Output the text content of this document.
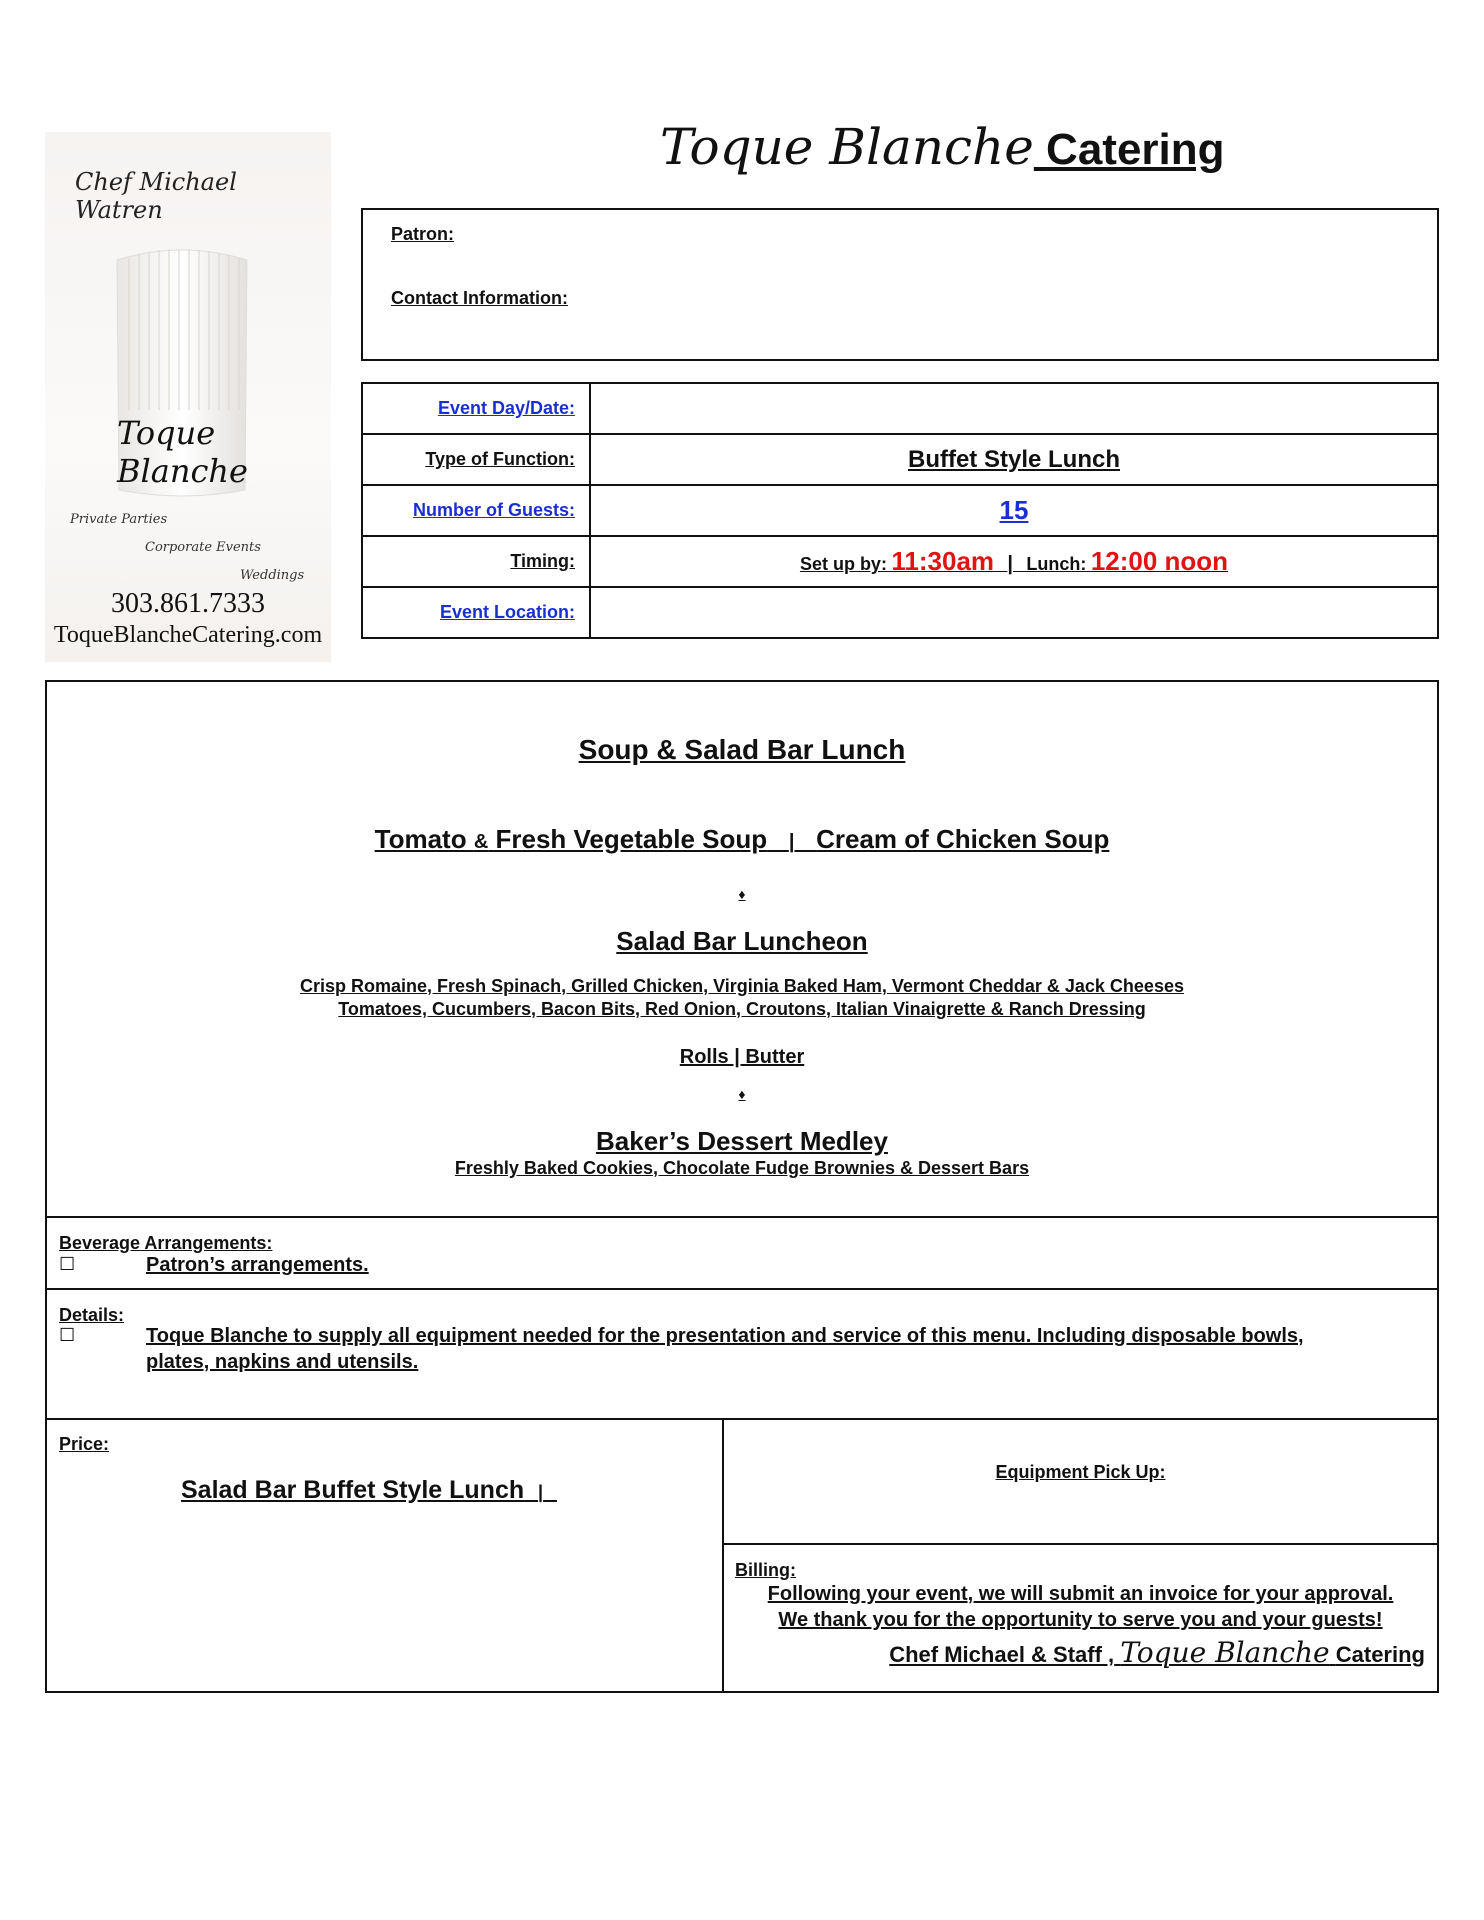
Chef Michael Watren
Toque Blanche
Private Parties
Corporate Events
Weddings
303.861.7333
ToqueBlancheCatering.com
Toque Blanche Catering
Patron:
Contact Information:
Event Day/Date:	
Type of Function:	Buffet Style Lunch
Number of Guests:	15
Timing:	Set up by: 11:30am | Lunch: 12:00 noon
Event Location:	
Soup & Salad Bar Lunch
Tomato & Fresh Vegetable Soup | Cream of Chicken Soup
♦
Salad Bar Luncheon
Crisp Romaine, Fresh Spinach, Grilled Chicken, Virginia Baked Ham, Vermont Cheddar & Jack Cheeses
Tomatoes, Cucumbers, Bacon Bits, Red Onion, Croutons, Italian Vinaigrette & Ranch Dressing
Rolls | Butter
♦
Baker’s Dessert Medley
Freshly Baked Cookies, Chocolate Fudge Brownies & Dessert Bars
Beverage Arrangements:
☐	Patron’s arrangements.
Details:
☐	Toque Blanche to supply all equipment needed for the presentation and service of this menu. Including disposable bowls,
plates, napkins and utensils.
Price:
Salad Bar Buffet Style Lunch |
Equipment Pick Up:
Billing:
Following your event, we will submit an invoice for your approval.
We thank you for the opportunity to serve you and your guests!
Chef Michael & Staff , Toque Blanche Catering
